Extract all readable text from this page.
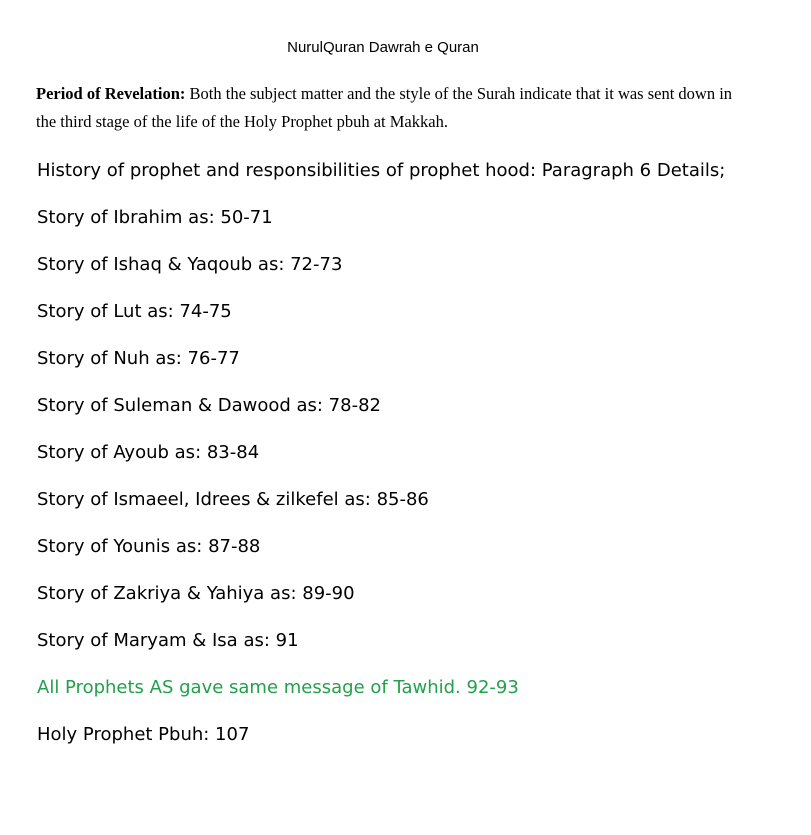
NurulQuran Dawrah e Quran

Period of Revelation: Both the subject matter and the style of the Surah indicate that it was sent down in the third stage of the life of the Holy Prophet pbuh at Makkah.

History of prophet and responsibilities of prophet hood: Paragraph 6 Details;
Story of Ibrahim as: 50-71
Story of Ishaq & Yaqoub as: 72-73
Story of Lut as: 74-75
Story of Nuh as: 76-77
Story of Suleman & Dawood as: 78-82
Story of Ayoub as: 83-84
Story of Ismaeel, Idrees & zilkefel as: 85-86
Story of Younis as: 87-88
Story of Zakriya & Yahiya as: 89-90
Story of Maryam & Isa as: 91
All Prophets AS gave same message of Tawhid. 92-93
Holy Prophet Pbuh: 107
